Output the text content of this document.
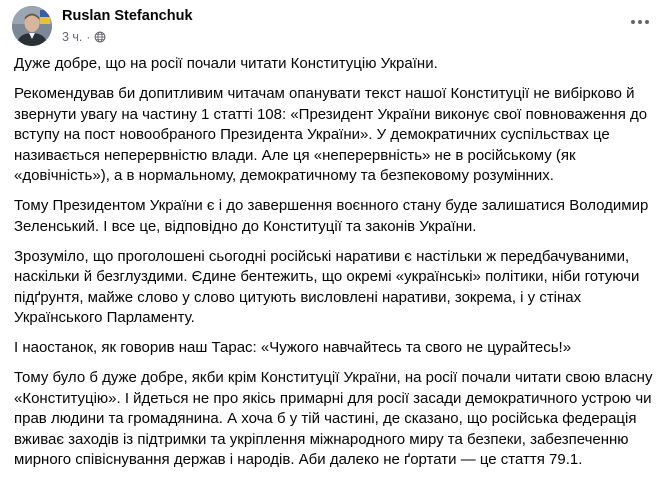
Ruslan Stefanchuk
3 ч. ·

Дуже добре, що на росії почали читати Конституцію України.

Рекомендував би допитливим читачам опанувати текст нашої Конституції не вибірково й
звернути увагу на частину 1 статті 108: «Президент України виконує свої повноваження до
вступу на пост новообраного Президента України». У демократичних суспільствах це
називається неперервністю влади. Але ця «неперервність» не в російському (як
«довічність»), а в нормальному, демократичному та безпековому розумінних.

Тому Президентом України є і до завершення воєнного стану буде залишатися Володимир
Зеленський. І все це, відповідно до Конституції та законів України.

Зрозуміло, що проголошені сьогодні російські наративи є настільки ж передбачуваними,
наскільки й безглуздими. Єдине бентежить, що окремі «українські» політики, ніби готуючи
підґрунтя, майже слово у слово цитують висловлені наративи, зокрема, і у стінах
Українського Парламенту.

І наостанок, як говорив наш Тарас: «Чужого навчайтесь та свого не цурайтесь!»

Тому було б дуже добре, якби крім Конституції України, на росії почали читати свою власну
«Конституцію». І йдеться не про якісь примарні для росії засади демократичного устрою чи
прав людини та громадянина. А хоча б у тій частині, де сказано, що російська федерація
вживає заходів із підтримки та укріплення міжнародного миру та безпеки, забезпеченню
мирного співіснування держав і народів. Аби далеко не ґортати — це стаття 79.1.
